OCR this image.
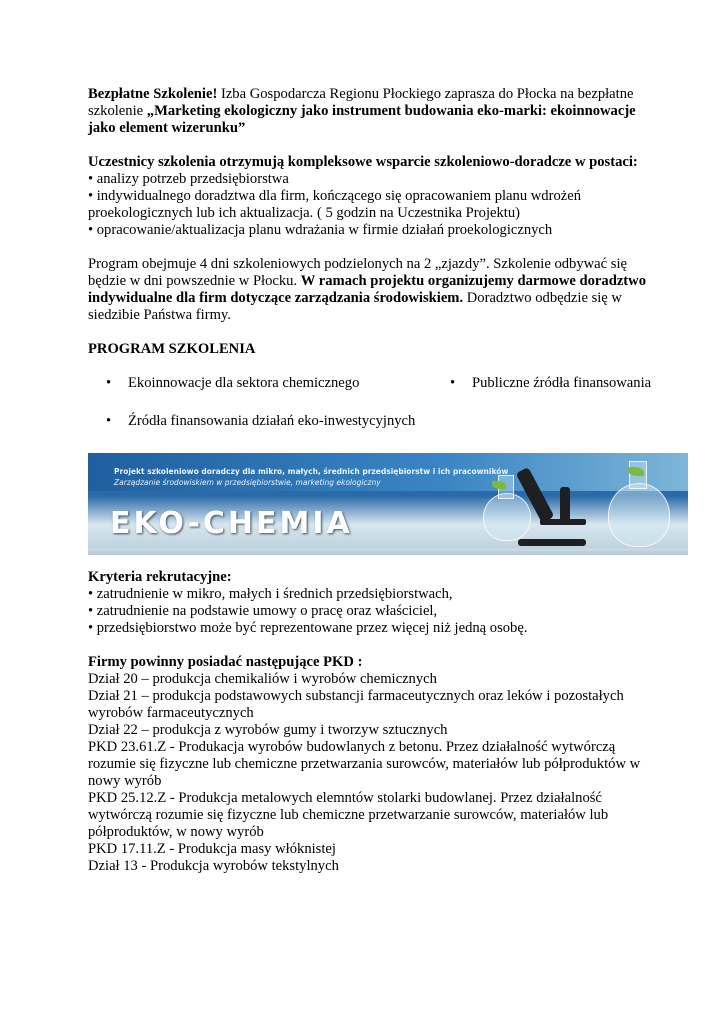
Bezpłatne Szkolenie! Izba Gospodarcza Regionu Płockiego zaprasza do Płocka na bezpłatne szkolenie „Marketing ekologiczny jako instrument budowania eko-marki: ekoinnowacje jako element wizerunku”

Uczestnicy szkolenia otrzymują kompleksowe wsparcie szkoleniowo-doradcze w postaci:

• analizy potrzeb przedsiębiorstwa

• indywidualnego doradztwa dla firm, kończącego się opracowaniem planu wdrożeń proekologicznych lub ich aktualizacja. ( 5 godzin na Uczestnika Projektu)

• opracowanie/aktualizacja planu wdrażania w firmie działań proekologicznych

Program obejmuje 4 dni szkoleniowych podzielonych na 2 „zjazdy”. Szkolenie odbywać się będzie w dni powszednie w Płocku. W ramach projektu organizujemy darmowe doradztwo indywidualne dla firm dotyczące zarządzania środowiskiem. Doradztwo odbędzie się w siedzibie Państwa firmy.

PROGRAM SZKOLENIA

• Ekoinnowacje dla sektora chemicznego	• Publiczne źródła finansowania
• Źródła finansowania działań eko-inwestycyjnych
Projekt szkoleniowo doradczy dla mikro, małych, średnich przedsiębiorstw i ich pracowników
Zarządzanie środowiskiem w przedsiębiorstwie, marketing ekologiczny
EKO-CHEMIA

Kryteria rekrutacyjne:

• zatrudnienie w mikro, małych i średnich przedsiębiorstwach,

• zatrudnienie na podstawie umowy o pracę oraz właściciel,

• przedsiębiorstwo może być reprezentowane przez więcej niż jedną osobę.

Firmy powinny posiadać następujące PKD :

Dział 20 – produkcja chemikaliów i wyrobów chemicznych

Dział 21 – produkcja podstawowych substancji farmaceutycznych oraz leków i pozostałych wyrobów farmaceutycznych

Dział 22 – produkcja z wyrobów gumy i tworzyw sztucznych

PKD 23.61.Z - Produkacja wyrobów budowlanych z betonu. Przez działalność wytwórczą rozumie się fizyczne lub chemiczne przetwarzania surowców, materiałów lub półproduktów w nowy wyrób

PKD 25.12.Z - Produkcja metalowych elemntów stolarki budowlanej. Przez działalność wytwórczą rozumie się fizyczne lub chemiczne przetwarzanie surowców, materiałów lub półproduktów, w nowy wyrób

PKD 17.11.Z - Produkcja masy włóknistej

Dział 13 - Produkcja wyrobów tekstylnych
